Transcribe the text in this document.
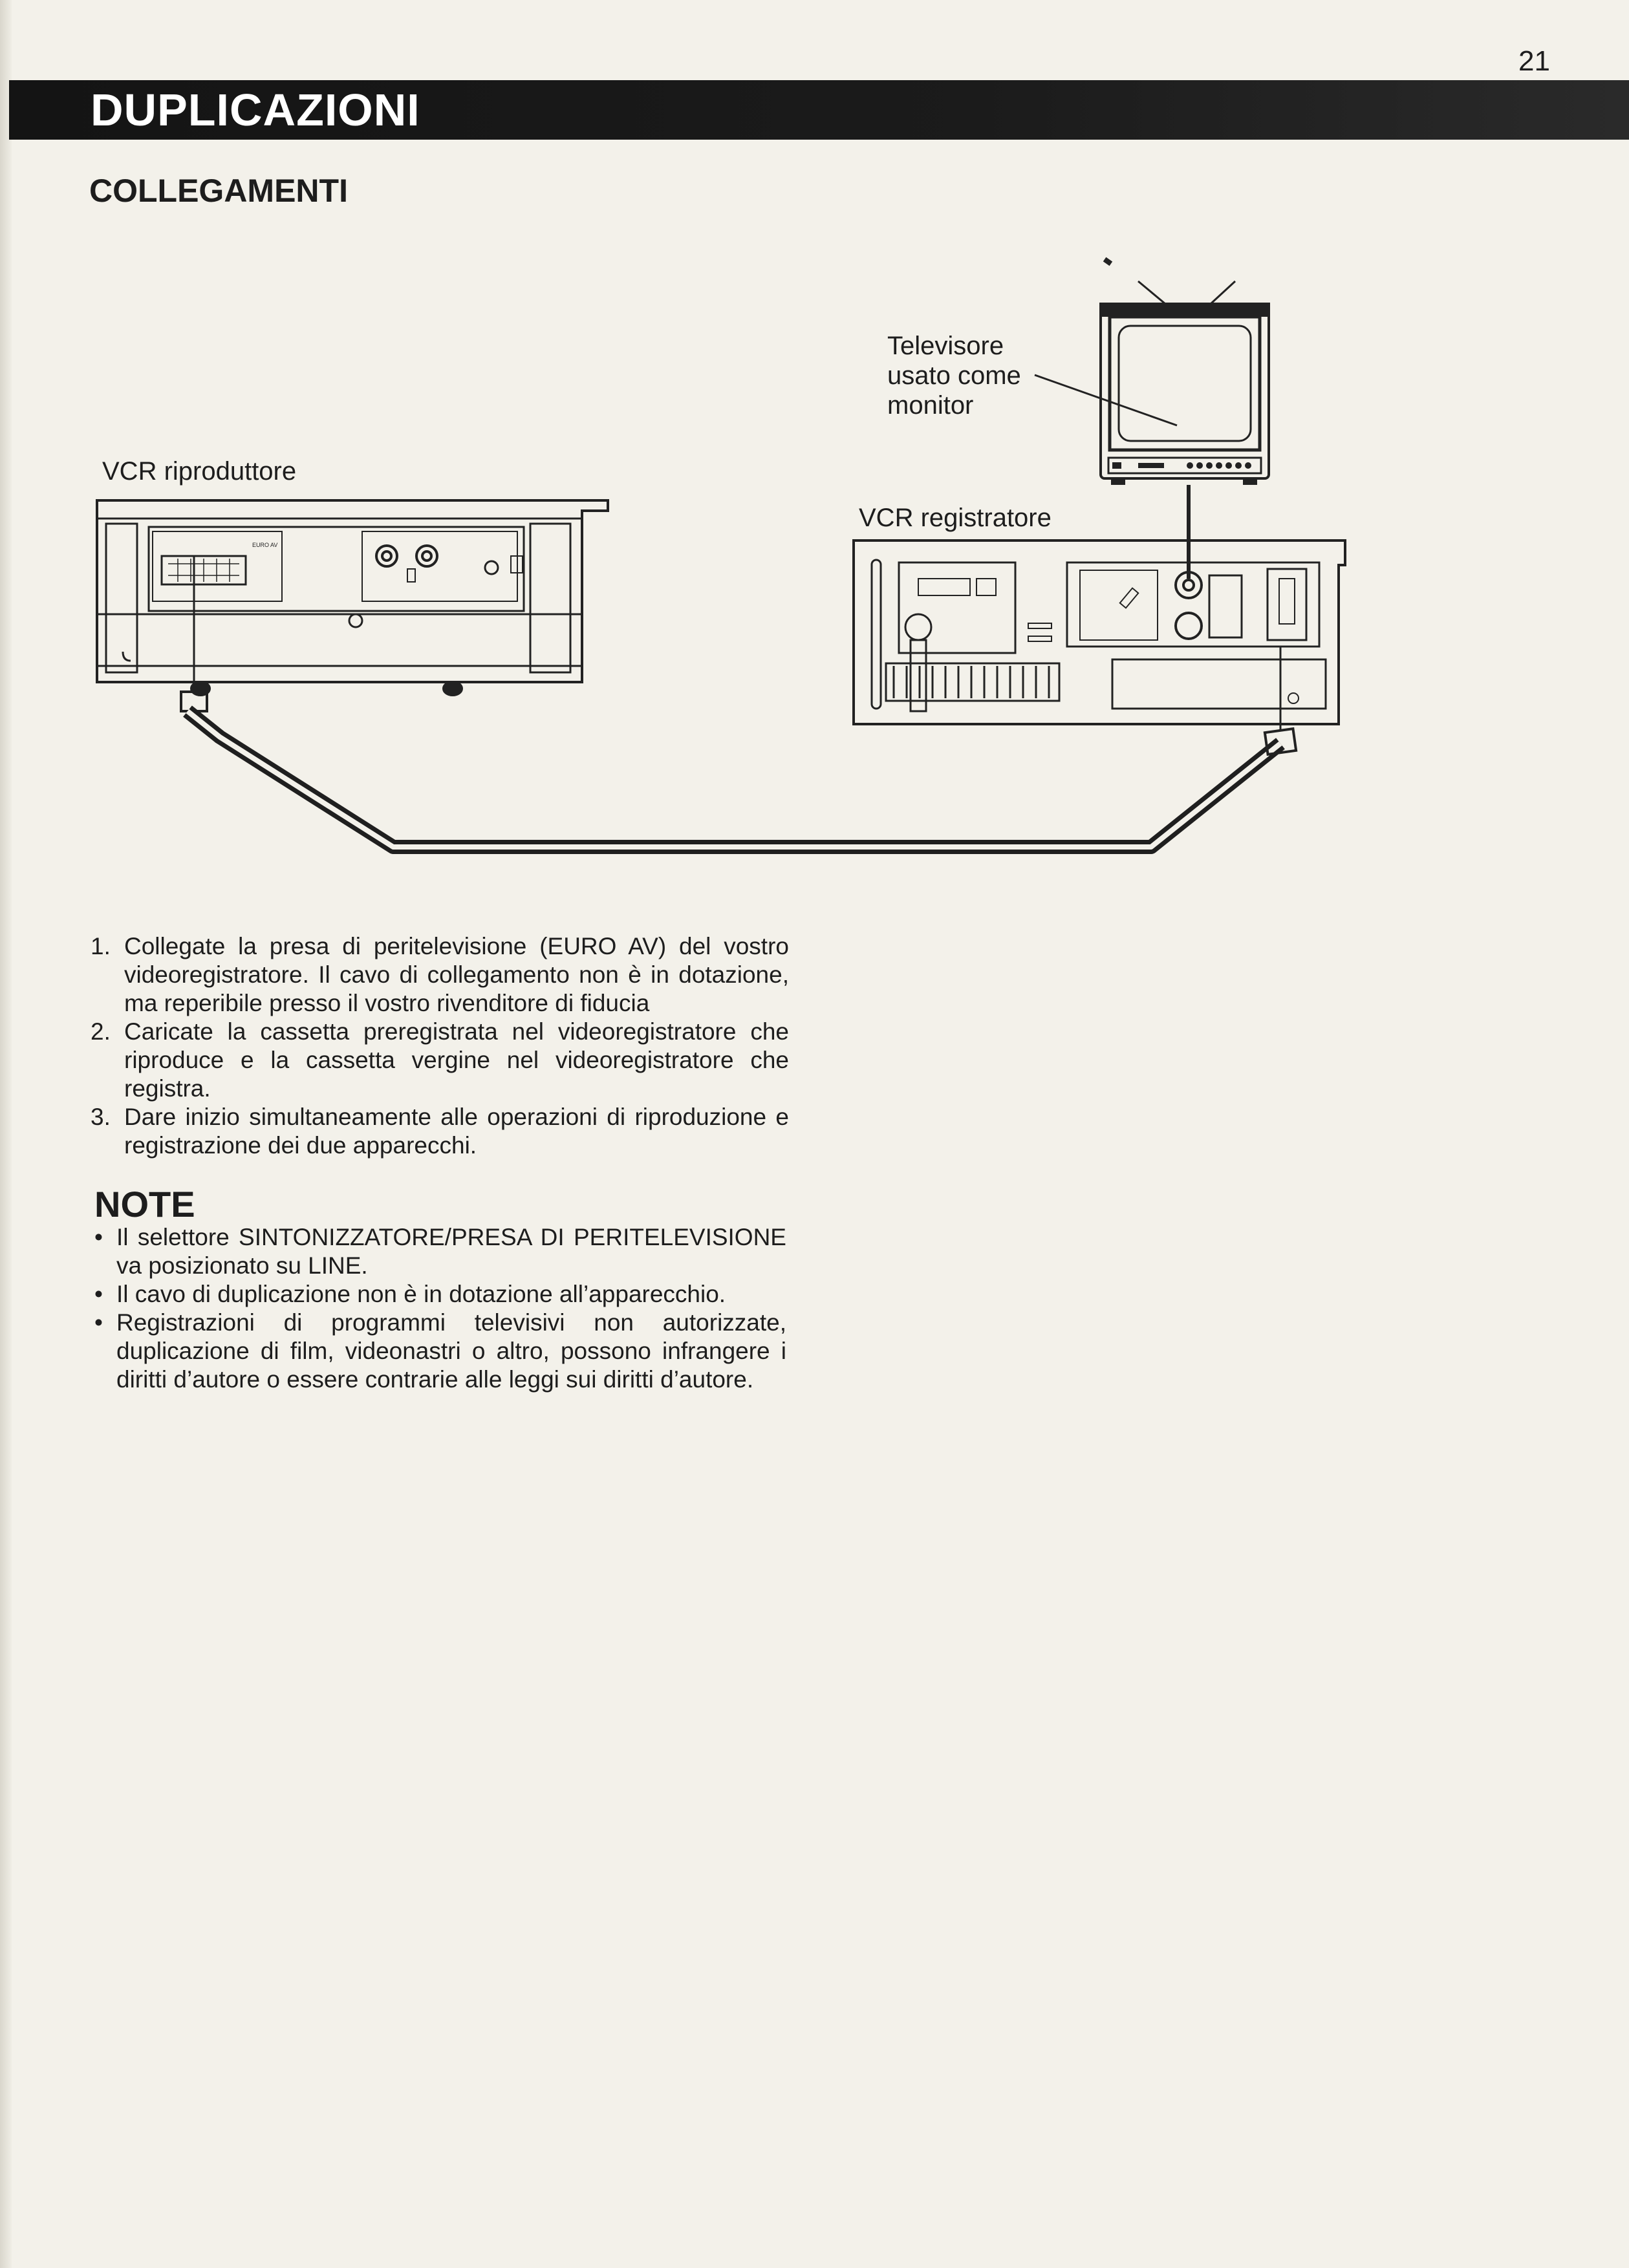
21
DUPLICAZIONI
COLLEGAMENTI
Televisore
usato come
monitor
VCR riproduttore
VCR registratore
EURO AV
1. Collegate la presa di peritelevisione (EURO AV) del vostro videoregistratore. Il cavo di collegamento non è in dotazione, ma reperibile presso il vostro rivenditore di fiducia
2. Caricate la cassetta preregistrata nel videoregistratore che riproduce e la cassetta vergine nel videoregistratore che registra.
3. Dare inizio simultaneamente alle operazioni di riproduzione e registrazione dei due apparecchi.
NOTE
• Il selettore SINTONIZZATORE/PRESA DI PERITELEVISIONE va posizionato su LINE.
• Il cavo di duplicazione non è in dotazione all’apparecchio.
• Registrazioni di programmi televisivi non autorizzate, duplicazione di film, videonastri o altro, possono infrangere i diritti d’autore o essere contrarie alle leggi sui diritti d’autore.
